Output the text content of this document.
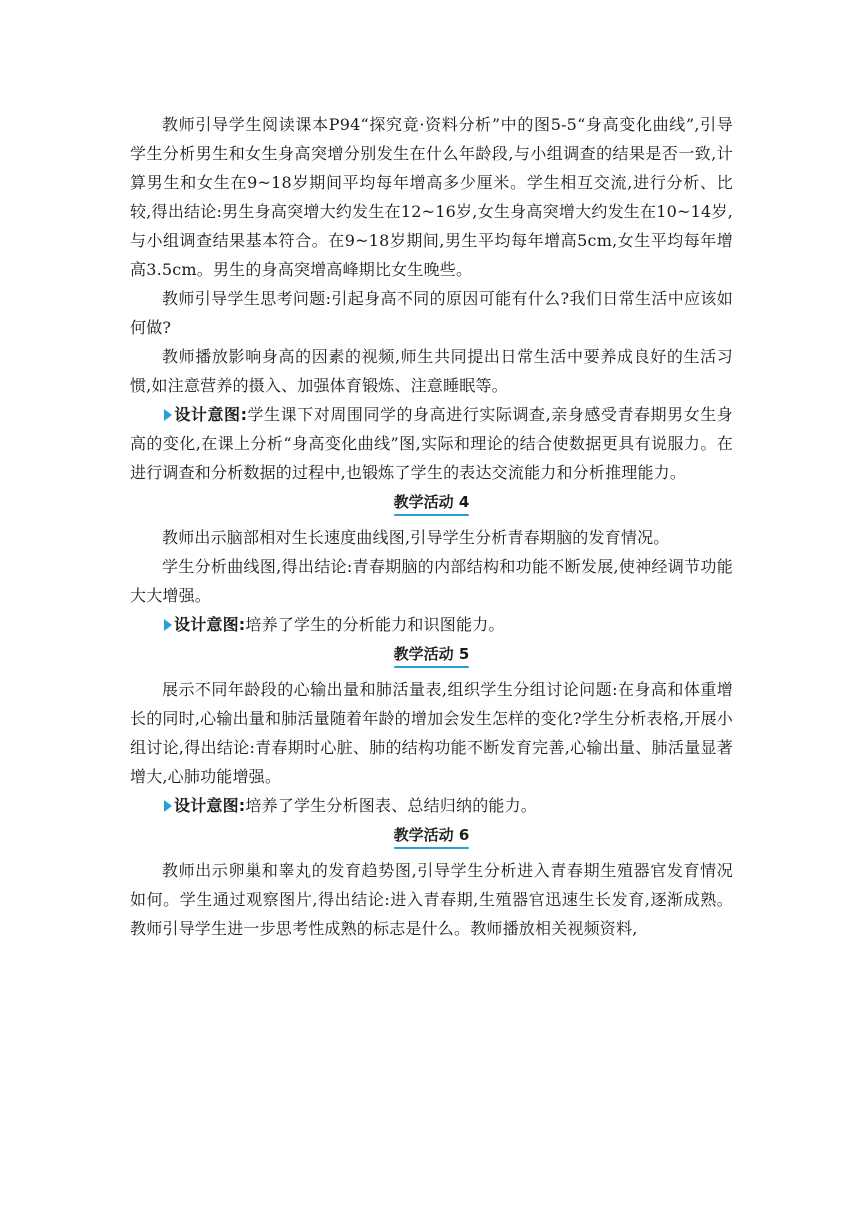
教师引导学生阅读课本P94“探究竟·资料分析”中的图5-5“身高变化曲线”,引导学生分析男生和女生身高突增分别发生在什么年龄段,与小组调查的结果是否一致,计算男生和女生在9~18岁期间平均每年增高多少厘米。学生相互交流,进行分析、比较,得出结论:男生身高突增大约发生在12~16岁,女生身高突增大约发生在10~14岁,与小组调查结果基本符合。在9~18岁期间,男生平均每年增高5cm,女生平均每年增高3.5cm。男生的身高突增高峰期比女生晚些。

教师引导学生思考问题:引起身高不同的原因可能有什么?我们日常生活中应该如何做?

教师播放影响身高的因素的视频,师生共同提出日常生活中要养成良好的生活习惯,如注意营养的摄入、加强体育锻炼、注意睡眠等。

设计意图:学生课下对周围同学的身高进行实际调查,亲身感受青春期男女生身高的变化,在课上分析“身高变化曲线”图,实际和理论的结合使数据更具有说服力。在进行调查和分析数据的过程中,也锻炼了学生的表达交流能力和分析推理能力。

教学活动 4

教师出示脑部相对生长速度曲线图,引导学生分析青春期脑的发育情况。

学生分析曲线图,得出结论:青春期脑的内部结构和功能不断发展,使神经调节功能大大增强。

设计意图:培养了学生的分析能力和识图能力。

教学活动 5

展示不同年龄段的心输出量和肺活量表,组织学生分组讨论问题:在身高和体重增长的同时,心输出量和肺活量随着年龄的增加会发生怎样的变化?学生分析表格,开展小组讨论,得出结论:青春期时心脏、肺的结构功能不断发育完善,心输出量、肺活量显著增大,心肺功能增强。

设计意图:培养了学生分析图表、总结归纳的能力。

教学活动 6

教师出示卵巢和睾丸的发育趋势图,引导学生分析进入青春期生殖器官发育情况如何。学生通过观察图片,得出结论:进入青春期,生殖器官迅速生长发育,逐渐成熟。教师引导学生进一步思考性成熟的标志是什么。教师播放相关视频资料,
